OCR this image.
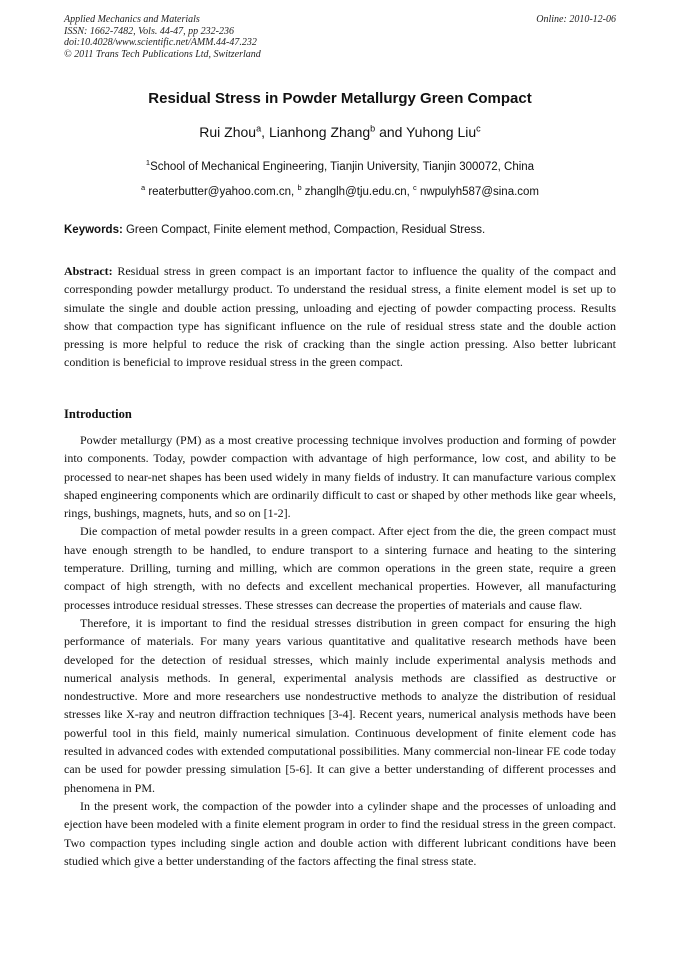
Applied Mechanics and Materials
ISSN: 1662-7482, Vols. 44-47, pp 232-236
doi:10.4028/www.scientific.net/AMM.44-47.232
© 2011 Trans Tech Publications Ltd, Switzerland
Online: 2010-12-06
Residual Stress in Powder Metallurgy Green Compact
Rui Zhou$^a$, Lianhong Zhang$^b$ and Yuhong Liu$^c$
$^1$School of Mechanical Engineering, Tianjin University, Tianjin 300072, China
$^a$ reaterbutter@yahoo.com.cn, $^b$ zhanglh@tju.edu.cn, $^c$ nwpulyh587@sina.com
Keywords: Green Compact, Finite element method, Compaction, Residual Stress.
Abstract: Residual stress in green compact is an important factor to influence the quality of the compact and corresponding powder metallurgy product. To understand the residual stress, a finite element model is set up to simulate the single and double action pressing, unloading and ejecting of powder compacting process. Results show that compaction type has significant influence on the rule of residual stress state and the double action pressing is more helpful to reduce the risk of cracking than the single action pressing. Also better lubricant condition is beneficial to improve residual stress in the green compact.
Introduction

Powder metallurgy (PM) as a most creative processing technique involves production and forming of powder into components. Today, powder compaction with advantage of high performance, low cost, and ability to be processed to near-net shapes has been used widely in many fields of industry. It can manufacture various complex shaped engineering components which are ordinarily difficult to cast or shaped by other methods like gear wheels, rings, bushings, magnets, huts, and so on [1-2].

Die compaction of metal powder results in a green compact. After eject from the die, the green compact must have enough strength to be handled, to endure transport to a sintering furnace and heating to the sintering temperature. Drilling, turning and milling, which are common operations in the green state, require a green compact of high strength, with no defects and excellent mechanical properties. However, all manufacturing processes introduce residual stresses. These stresses can decrease the properties of materials and cause flaw.

Therefore, it is important to find the residual stresses distribution in green compact for ensuring the high performance of materials. For many years various quantitative and qualitative research methods have been developed for the detection of residual stresses, which mainly include experimental analysis methods and numerical analysis methods. In general, experimental analysis methods are classified as destructive or nondestructive. More and more researchers use nondestructive methods to analyze the distribution of residual stresses like X-ray and neutron diffraction techniques [3-4]. Recent years, numerical analysis methods have been powerful tool in this field, mainly numerical simulation. Continuous development of finite element code has resulted in advanced codes with extended computational possibilities. Many commercial non-linear FE code today can be used for powder pressing simulation [5-6]. It can give a better understanding of different processes and phenomena in PM.

In the present work, the compaction of the powder into a cylinder shape and the processes of unloading and ejection have been modeled with a finite element program in order to find the residual stress in the green compact. Two compaction types including single action and double action with different lubricant conditions have been studied which give a better understanding of the factors affecting the final stress state.
